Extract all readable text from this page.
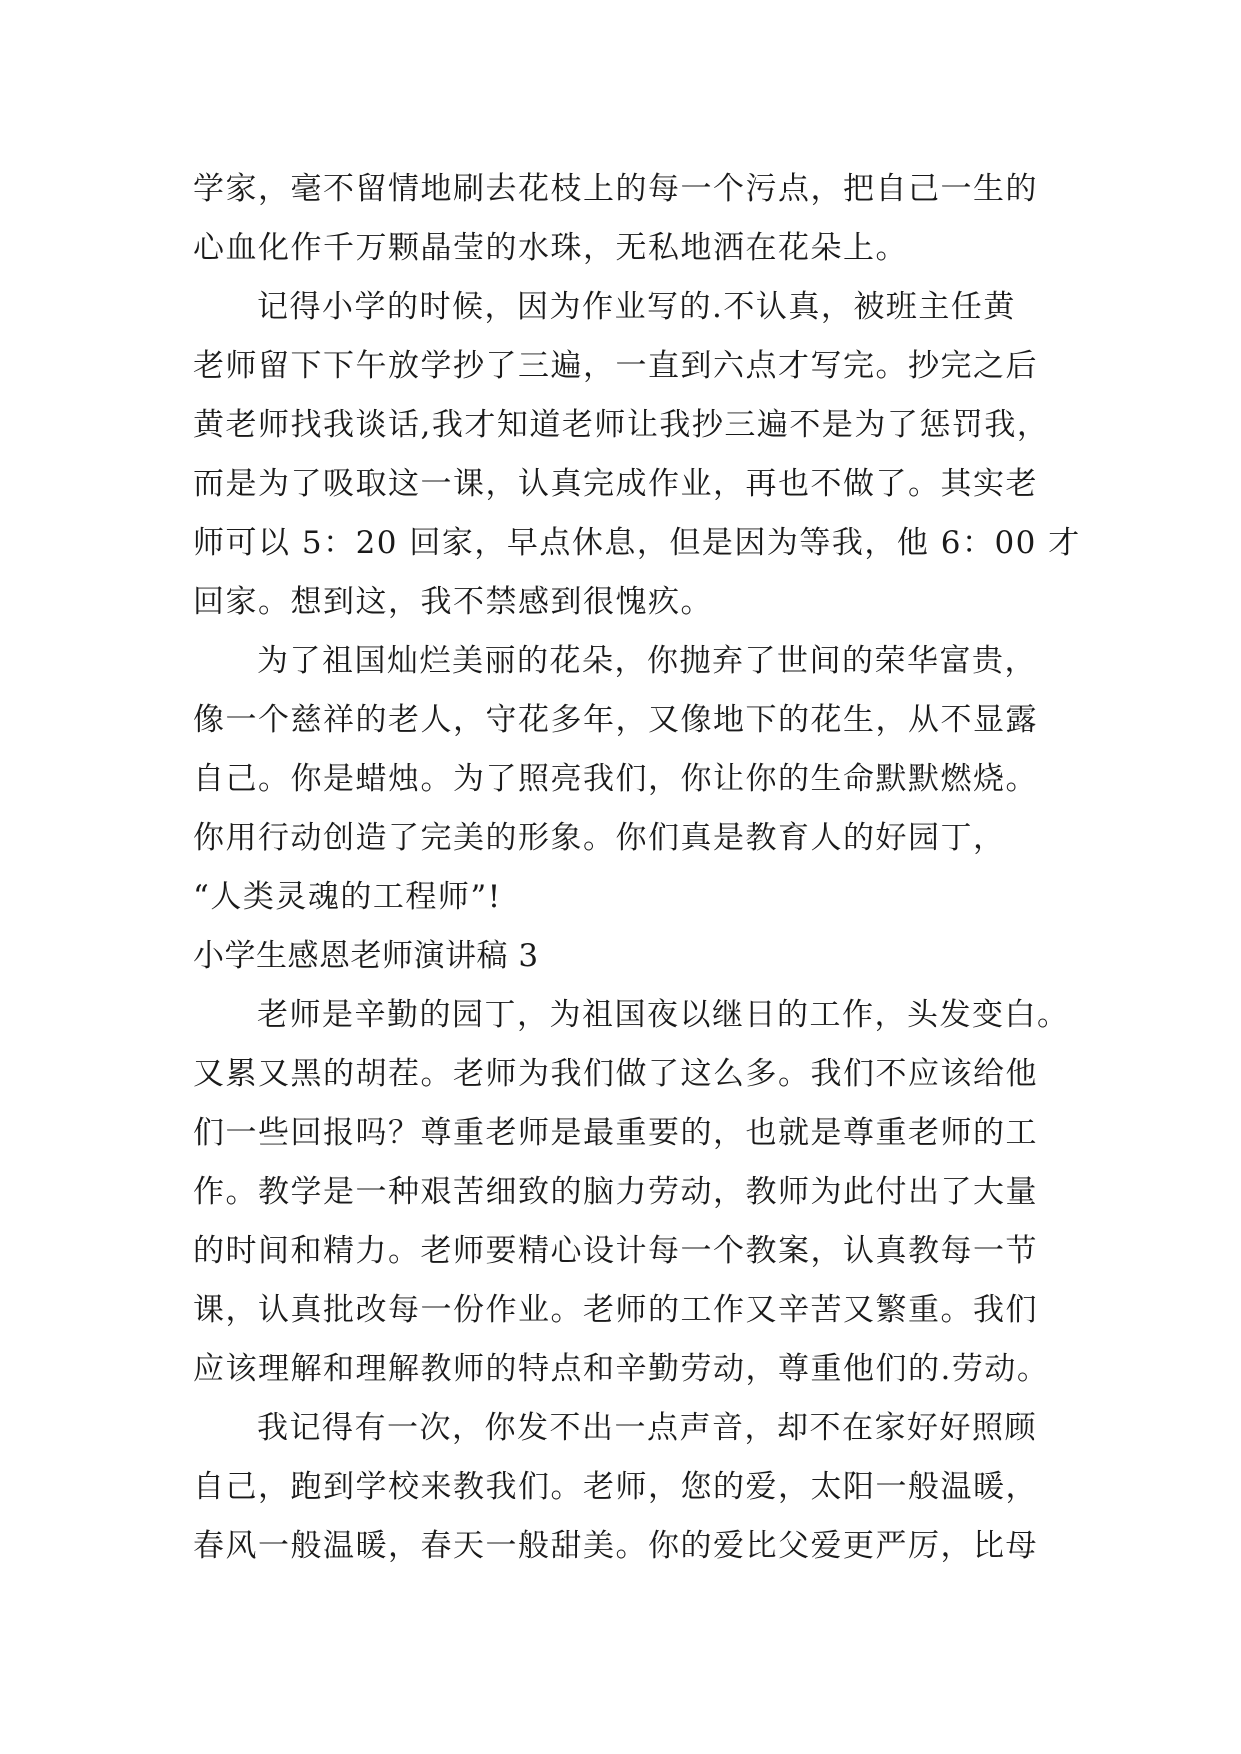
学家，毫不留情地刷去花枝上的每一个污点，把自己一生的
心血化作千万颗晶莹的水珠，无私地洒在花朵上。
记得小学的时候，因为作业写的.不认真，被班主任黄
老师留下下午放学抄了三遍，一直到六点才写完。抄完之后
黄老师找我谈话,我才知道老师让我抄三遍不是为了惩罚我，
而是为了吸取这一课，认真完成作业，再也不做了。其实老
师可以 5：20 回家，早点休息，但是因为等我，他 6：00 才
回家。想到这，我不禁感到很愧疚。
为了祖国灿烂美丽的花朵，你抛弃了世间的荣华富贵，
像一个慈祥的老人，守花多年，又像地下的花生，从不显露
自己。你是蜡烛。为了照亮我们，你让你的生命默默燃烧。
你用行动创造了完美的形象。你们真是教育人的好园丁，
“人类灵魂的工程师”!
小学生感恩老师演讲稿 3
老师是辛勤的园丁，为祖国夜以继日的工作，头发变白。
又累又黑的胡茬。老师为我们做了这么多。我们不应该给他
们一些回报吗？尊重老师是最重要的，也就是尊重老师的工
作。教学是一种艰苦细致的脑力劳动，教师为此付出了大量
的时间和精力。老师要精心设计每一个教案，认真教每一节
课，认真批改每一份作业。老师的工作又辛苦又繁重。我们
应该理解和理解教师的特点和辛勤劳动，尊重他们的.劳动。
我记得有一次，你发不出一点声音，却不在家好好照顾
自己，跑到学校来教我们。老师，您的爱，太阳一般温暖，
春风一般温暖，春天一般甜美。你的爱比父爱更严厉，比母
